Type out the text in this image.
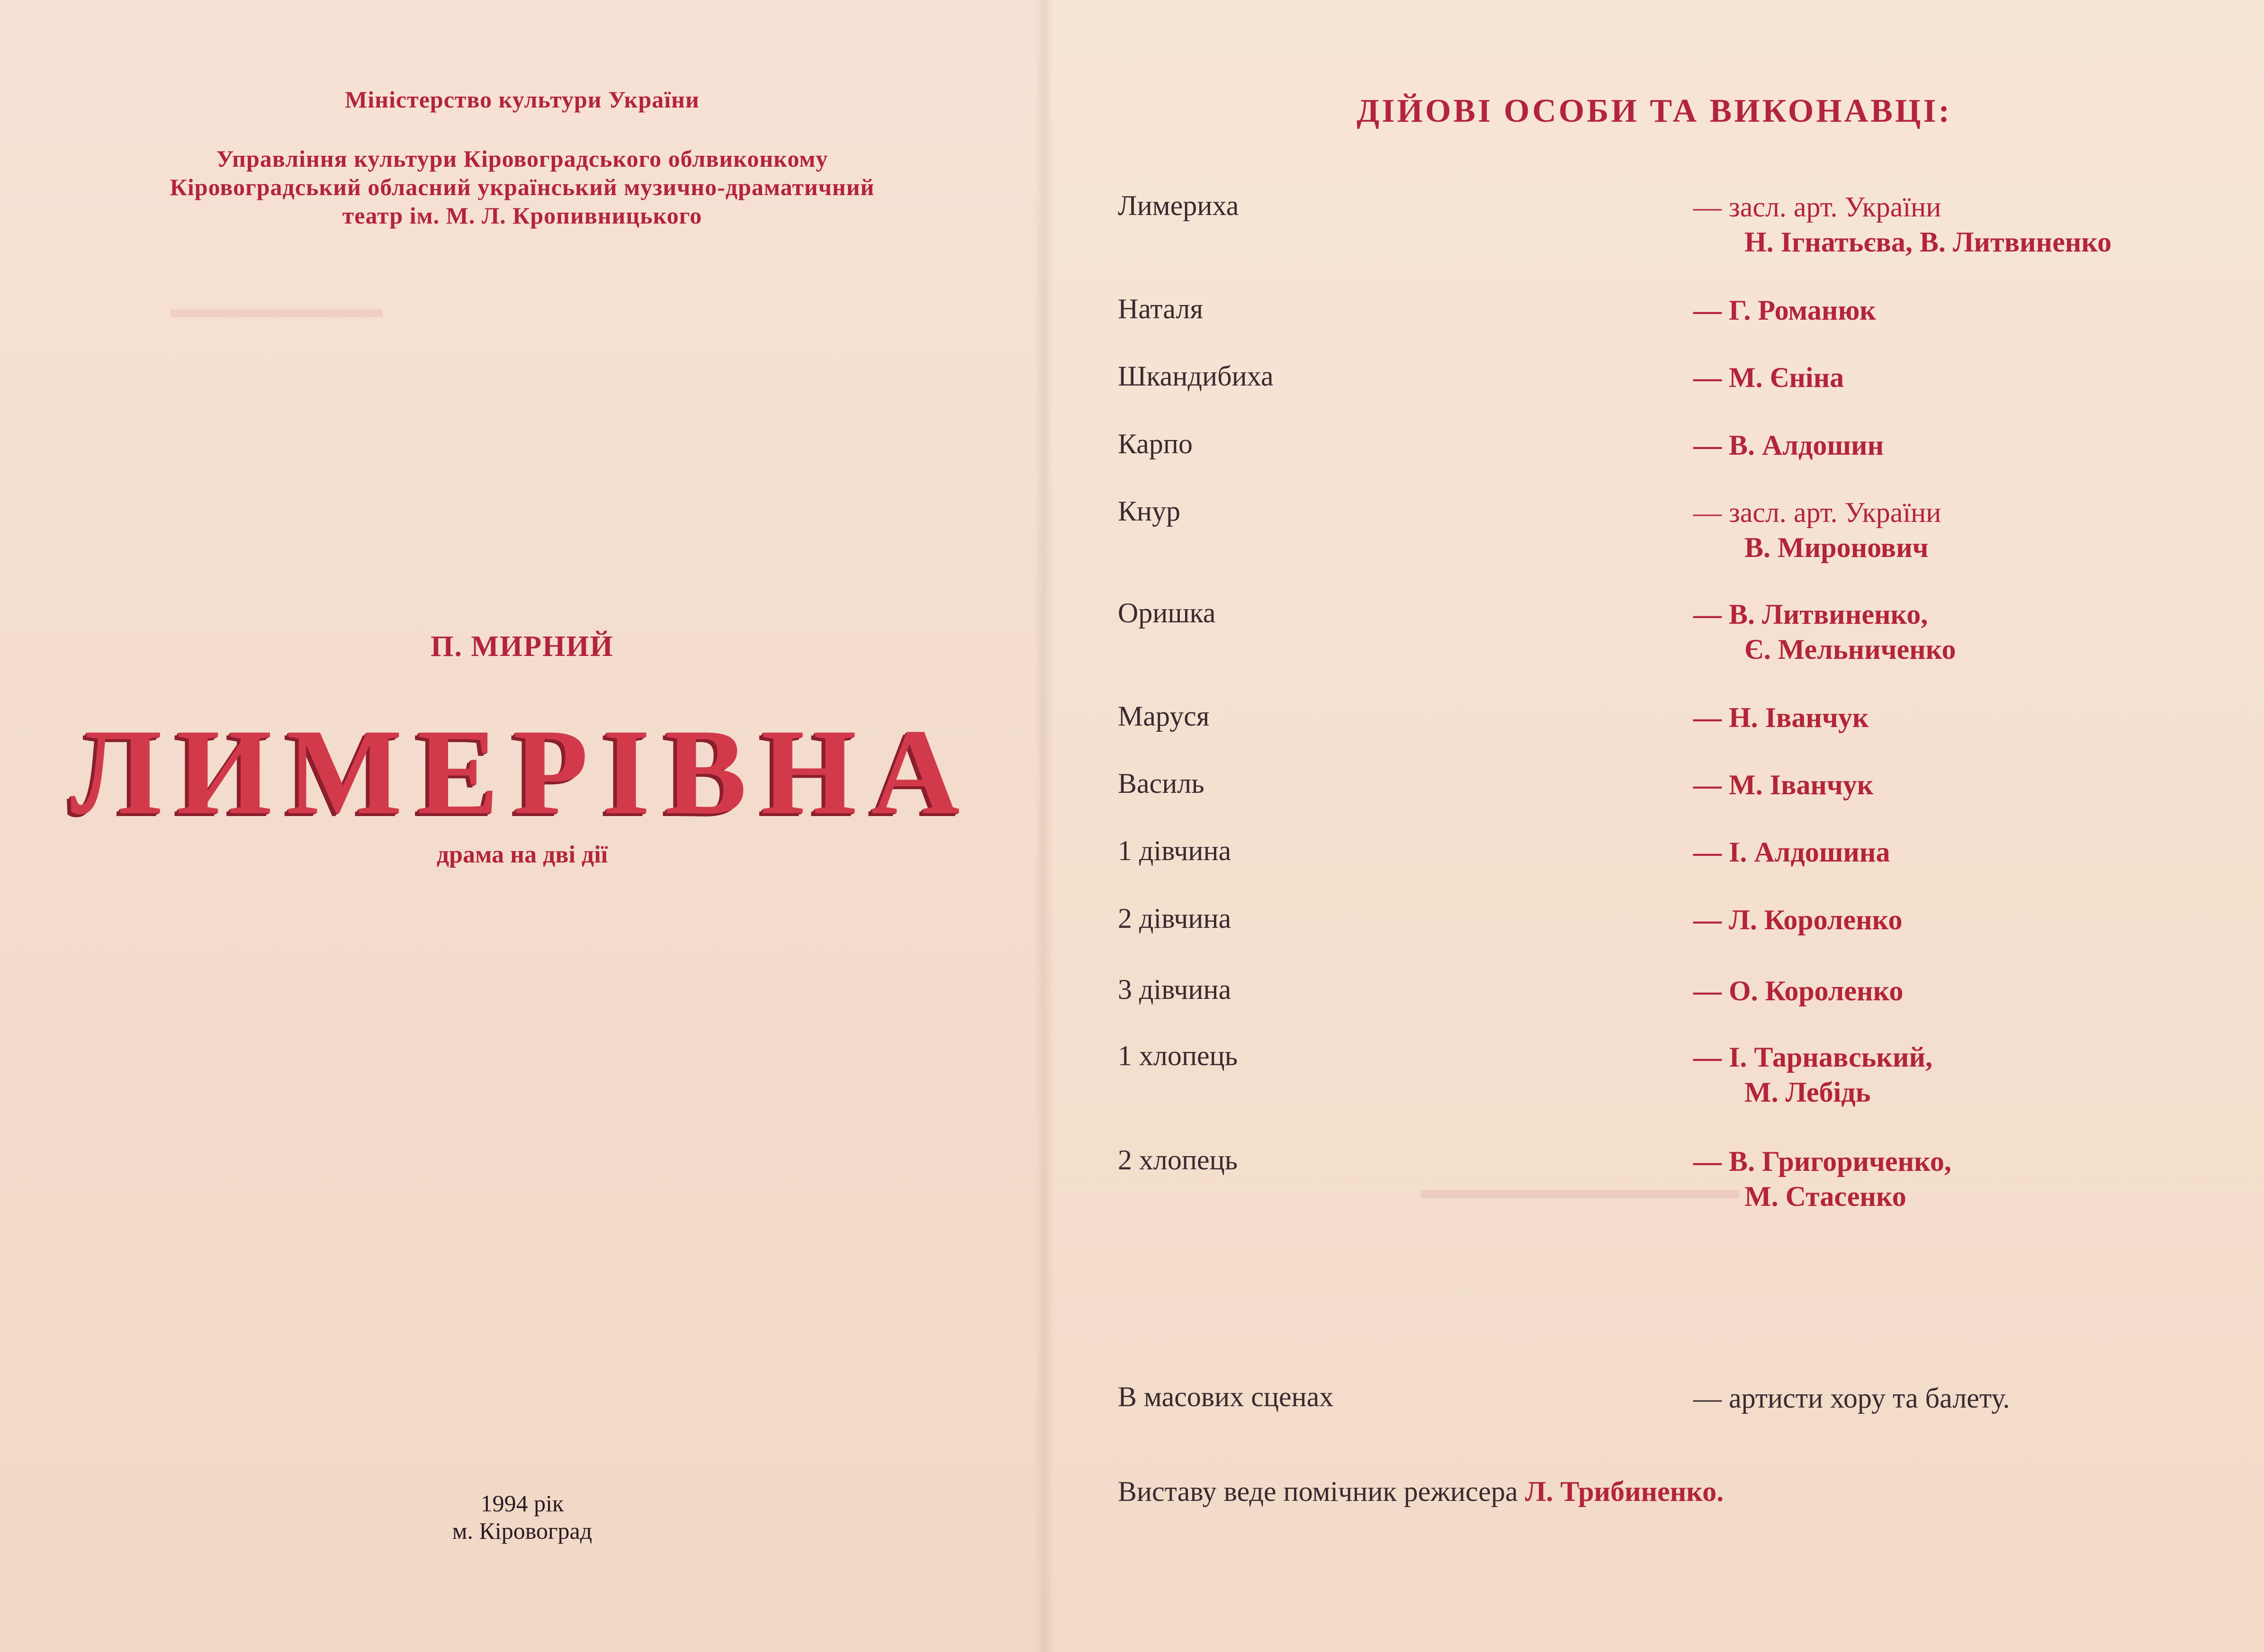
▬▬▬▬▬▬▬▬
▬▬▬▬▬▬▬▬▬▬▬▬
Міністерство культури України
Управління культури Кіровоградського облвиконкому
Кіровоградський обласний український музично-драматичний
театр ім. М. Л. Кропивницького
П. МИРНИЙ
ЛИМЕРІВНА
драма на дві дії
1994 рік
м. Кіровоград
ДІЙОВІ ОСОБИ ТА ВИКОНАВЦІ:
Лимериха	— засл. арт. України
Н. Ігнатьєва, В. Литвиненко
Наталя	— Г. Романюк
Шкандибиха	— М. Єніна
Карпо	— В. Алдошин
Кнур	— засл. арт. України
В. Миронович
Оришка	— В. Литвиненко,
Є. Мельниченко
Маруся	— Н. Іванчук
Василь	— М. Іванчук
1 дівчина	— І. Алдошина
2 дівчина	— Л. Короленко
3 дівчина	— О. Короленко
1 хлопець	— І. Тарнавський,
М. Лебідь
2 хлопець	— В. Григориченко,
М. Стасенко
В масових сценах	— артисти хору та балету.
Виставу веде помічник режисера Л. Трибиненко.
